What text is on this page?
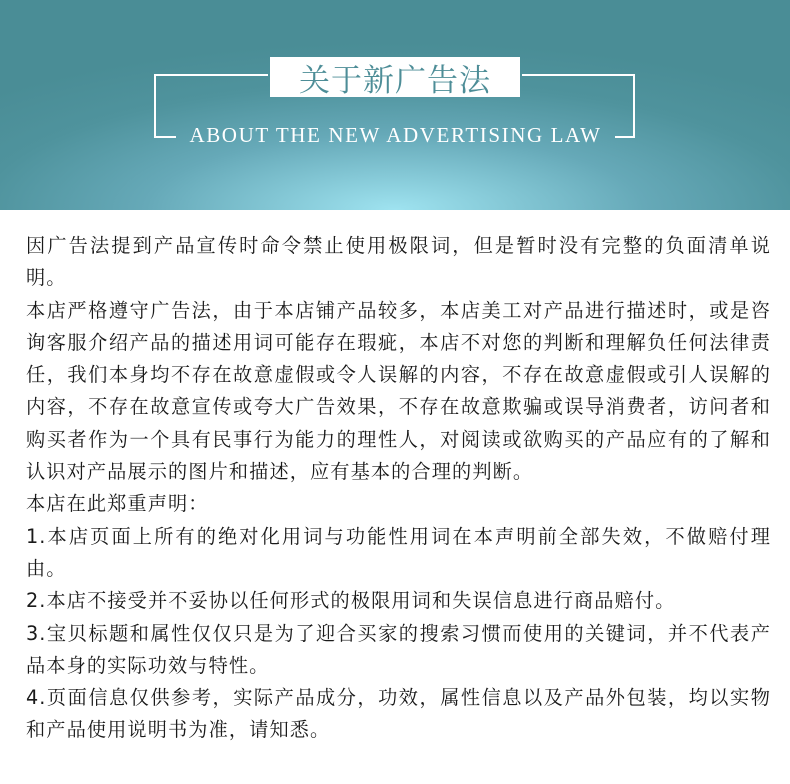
关于新广告法
ABOUT THE NEW ADVERTISING LAW

因广告法提到产品宣传时命令禁止使用极限词，但是暂时没有完整的负面清单说明。

本店严格遵守广告法，由于本店铺产品较多，本店美工对产品进行描述时，或是咨询客服介绍产品的描述用词可能存在瑕疵，本店不对您的判断和理解负任何法律责任，我们本身均不存在故意虚假或令人误解的内容，不存在故意虚假或引人误解的内容，不存在故意宣传或夸大广告效果，不存在故意欺骗或误导消费者，访问者和购买者作为一个具有民事行为能力的理性人，对阅读或欲购买的产品应有的了解和认识对产品展示的图片和描述，应有基本的合理的判断。

本店在此郑重声明：

1.本店页面上所有的绝对化用词与功能性用词在本声明前全部失效，不做赔付理由。

2.本店不接受并不妥协以任何形式的极限用词和失误信息进行商品赔付。

3.宝贝标题和属性仅仅只是为了迎合买家的搜索习惯而使用的关键词，并不代表产品本身的实际功效与特性。

4.页面信息仅供参考，实际产品成分，功效，属性信息以及产品外包装，均以实物和产品使用说明书为准，请知悉。
